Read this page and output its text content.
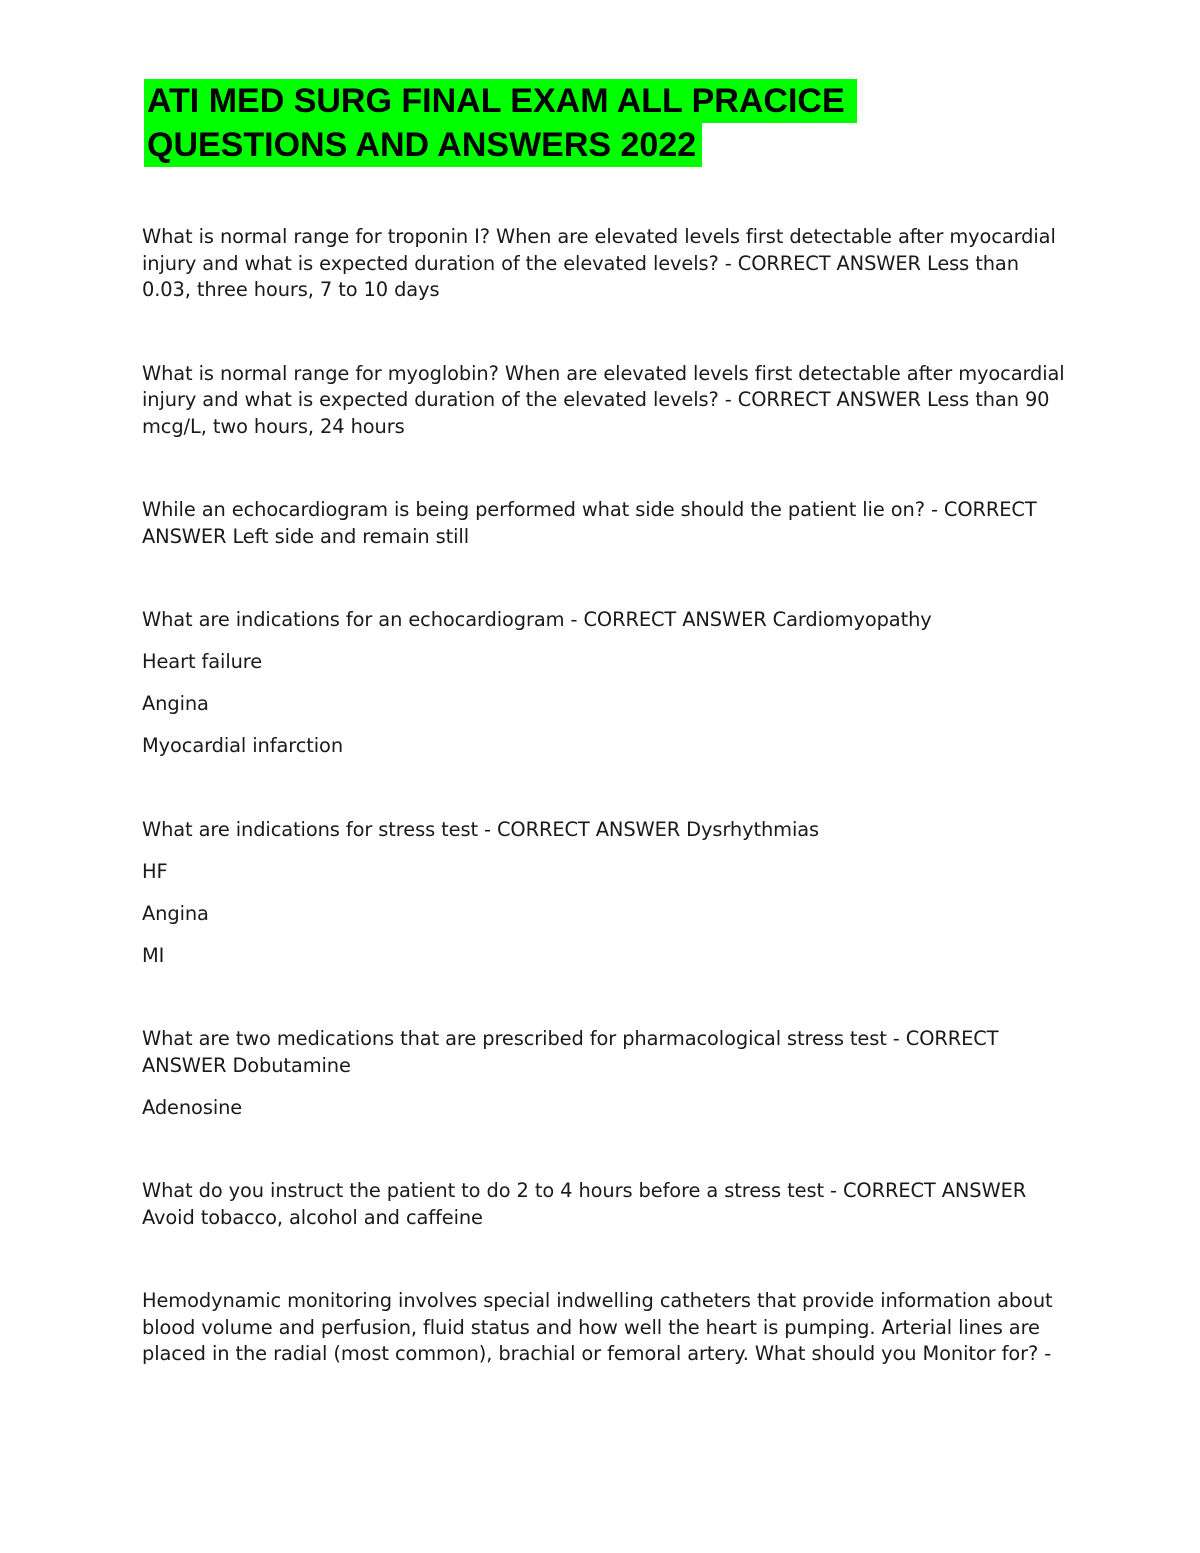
ATI MED SURG FINAL EXAM ALL PRACICE
QUESTIONS AND ANSWERS 2022

What is normal range for troponin I? When are elevated levels first detectable after myocardial injury and what is expected duration of the elevated levels? - CORRECT ANSWER Less than 0.03, three hours, 7 to 10 days

What is normal range for myoglobin? When are elevated levels first detectable after myocardial injury and what is expected duration of the elevated levels? - CORRECT ANSWER Less than 90 mcg/L, two hours, 24 hours

While an echocardiogram is being performed what side should the patient lie on? - CORRECT ANSWER Left side and remain still

What are indications for an echocardiogram - CORRECT ANSWER Cardiomyopathy

Heart failure

Angina

Myocardial infarction

What are indications for stress test - CORRECT ANSWER Dysrhythmias

HF

Angina

MI

What are two medications that are prescribed for pharmacological stress test - CORRECT ANSWER Dobutamine

Adenosine

What do you instruct the patient to do 2 to 4 hours before a stress test - CORRECT ANSWER Avoid tobacco, alcohol and caffeine

Hemodynamic monitoring involves special indwelling catheters that provide information about blood volume and perfusion, fluid status and how well the heart is pumping. Arterial lines are placed in the radial (most common), brachial or femoral artery. What should you Monitor for? -
